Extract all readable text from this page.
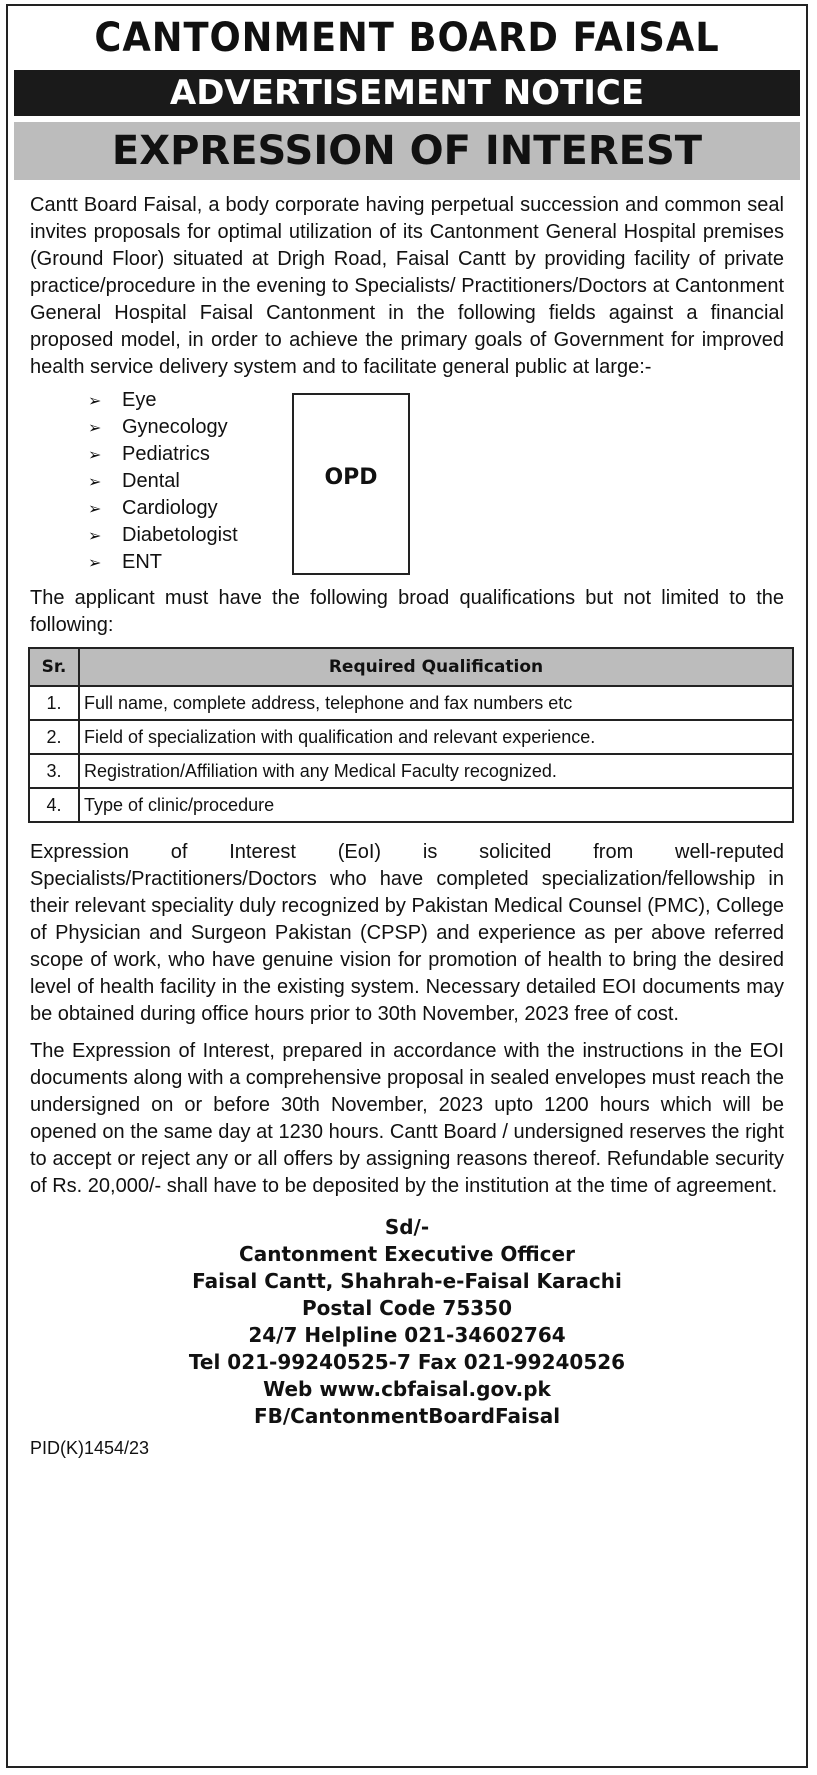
CANTONMENT BOARD FAISAL
ADVERTISEMENT NOTICE
EXPRESSION OF INTEREST

Cantt Board Faisal, a body corporate having perpetual succession and common seal invites proposals for optimal utilization of its Cantonment General Hospital premises (Ground Floor) situated at Drigh Road, Faisal Cantt by providing facility of private practice/procedure in the evening to Specialists/ Practitioners/Doctors at Cantonment General Hospital Faisal Cantonment in the following fields against a financial proposed model, in order to achieve the primary goals of Government for improved health service delivery system and to facilitate general public at large:-

➢ Eye
➢ Gynecology
➢ Pediatrics
➢ Dental
➢ Cardiology
➢ Diabetologist
➢ ENT
OPD

The applicant must have the following broad qualifications but not limited to the following:

Sr.	Required Qualification
1.	Full name, complete address, telephone and fax numbers etc
2.	Field of specialization with qualification and relevant experience.
3.	Registration/Affiliation with any Medical Faculty recognized.
4.	Type of clinic/procedure

Expression of Interest (EoI) is solicited from well-reputed Specialists/Practitioners/Doctors who have completed specialization/fellowship in their relevant speciality duly recognized by Pakistan Medical Counsel (PMC), College of Physician and Surgeon Pakistan (CPSP) and experience as per above referred scope of work, who have genuine vision for promotion of health to bring the desired level of health facility in the existing system. Necessary detailed EOI documents may be obtained during office hours prior to 30th November, 2023 free of cost.

The Expression of Interest, prepared in accordance with the instructions in the EOI documents along with a comprehensive proposal in sealed envelopes must reach the undersigned on or before 30th November, 2023 upto 1200 hours which will be opened on the same day at 1230 hours. Cantt Board / undersigned reserves the right to accept or reject any or all offers by assigning reasons thereof. Refundable security of Rs. 20,000/- shall have to be deposited by the institution at the time of agreement.

Sd/-
Cantonment Executive Officer
Faisal Cantt, Shahrah-e-Faisal Karachi
Postal Code 75350
24/7 Helpline 021-34602764
Tel 021-99240525-7 Fax 021-99240526
Web www.cbfaisal.gov.pk
FB/CantonmentBoardFaisal
PID(K)1454/23
